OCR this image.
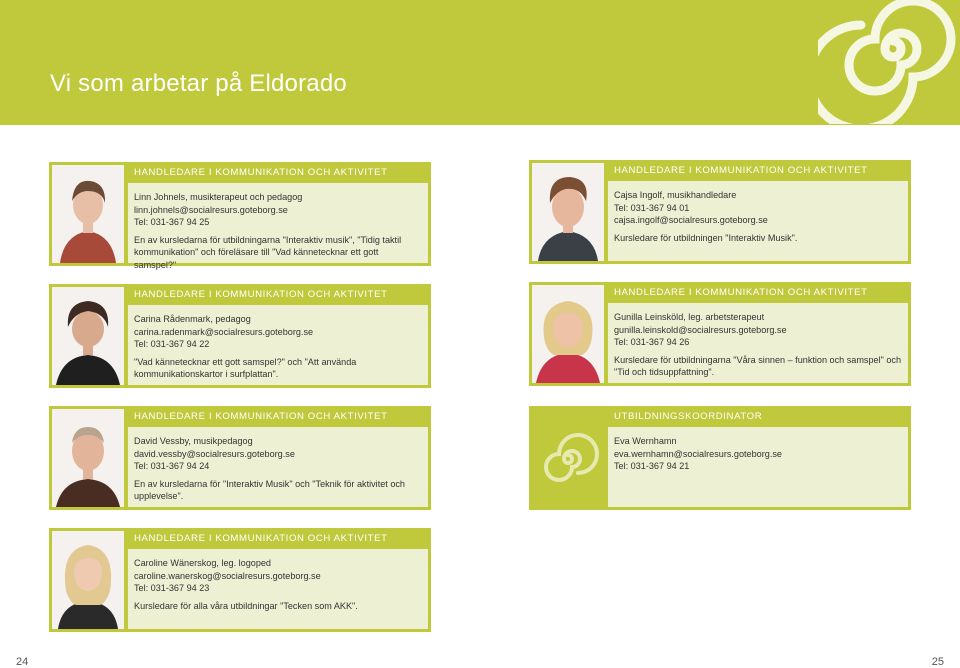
Vi som arbetar på Eldorado
HANDLEDARE I KOMMUNIKATION OCH AKTIVITET
Linn Johnels, musikterapeut och pedagog
linn.johnels@socialresurs.goteborg.se
Tel: 031-367 94 25
En av kursledarna för utbildningarna "Interaktiv musik", "Tidig taktil kommunikation" och föreläsare till "Vad kännetecknar ett gott samspel?"
HANDLEDARE I KOMMUNIKATION OCH AKTIVITET
Cajsa Ingolf, musikhandledare
Tel: 031-367 94 01
cajsa.ingolf@socialresurs.goteborg.se
Kursledare för utbildningen "Interaktiv Musik".
HANDLEDARE I KOMMUNIKATION OCH AKTIVITET
Carina Rådenmark, pedagog
carina.radenmark@socialresurs.goteborg.se
Tel: 031-367 94 22
"Vad kännetecknar ett gott samspel?" och "Att använda kommunikationskartor i surfplattan".
HANDLEDARE I KOMMUNIKATION OCH AKTIVITET
Gunilla Leinsköld, leg. arbetsterapeut
gunilla.leinskold@socialresurs.goteborg.se
Tel: 031-367 94 26
Kursledare för utbildningarna "Våra sinnen – funktion och samspel" och "Tid och tidsuppfattning".
HANDLEDARE I KOMMUNIKATION OCH AKTIVITET
David Vessby, musikpedagog
david.vessby@socialresurs.goteborg.se
Tel: 031-367 94 24
En av kursledarna för "Interaktiv Musik" och "Teknik för aktivitet och upplevelse".
UTBILDNINGSKOORDINATOR
Eva Wernhamn
eva.wernhamn@socialresurs.goteborg.se
Tel: 031-367 94 21
HANDLEDARE I KOMMUNIKATION OCH AKTIVITET
Caroline Wänerskog, leg. logoped
caroline.wanerskog@socialresurs.goteborg.se
Tel: 031-367 94 23
Kursledare för alla våra utbildningar "Tecken som AKK".
24	25
